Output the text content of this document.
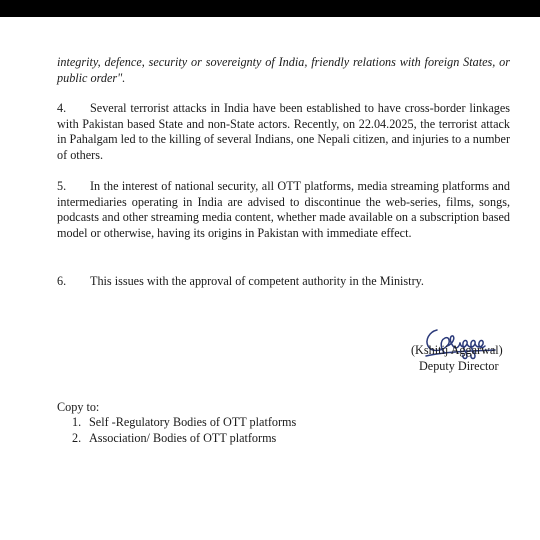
integrity, defence, security or sovereignty of India, friendly relations with foreign States, or public order".
4.	Several terrorist attacks in India have been established to have cross-border linkages with Pakistan based State and non-State actors. Recently, on 22.04.2025, the terrorist attack in Pahalgam led to the killing of several Indians, one Nepali citizen, and injuries to a number of others.
5.	In the interest of national security, all OTT platforms, media streaming platforms and intermediaries operating in India are advised to discontinue the web-series, films, songs, podcasts and other streaming media content, whether made available on a subscription based model or otherwise, having its origins in Pakistan with immediate effect.
6. This issues with the approval of competent authority in the Ministry.
(Kshitij Aggarwal)
Deputy Director
Copy to:
1. Self -Regulatory Bodies of OTT platforms
2. Association/ Bodies of OTT platforms
